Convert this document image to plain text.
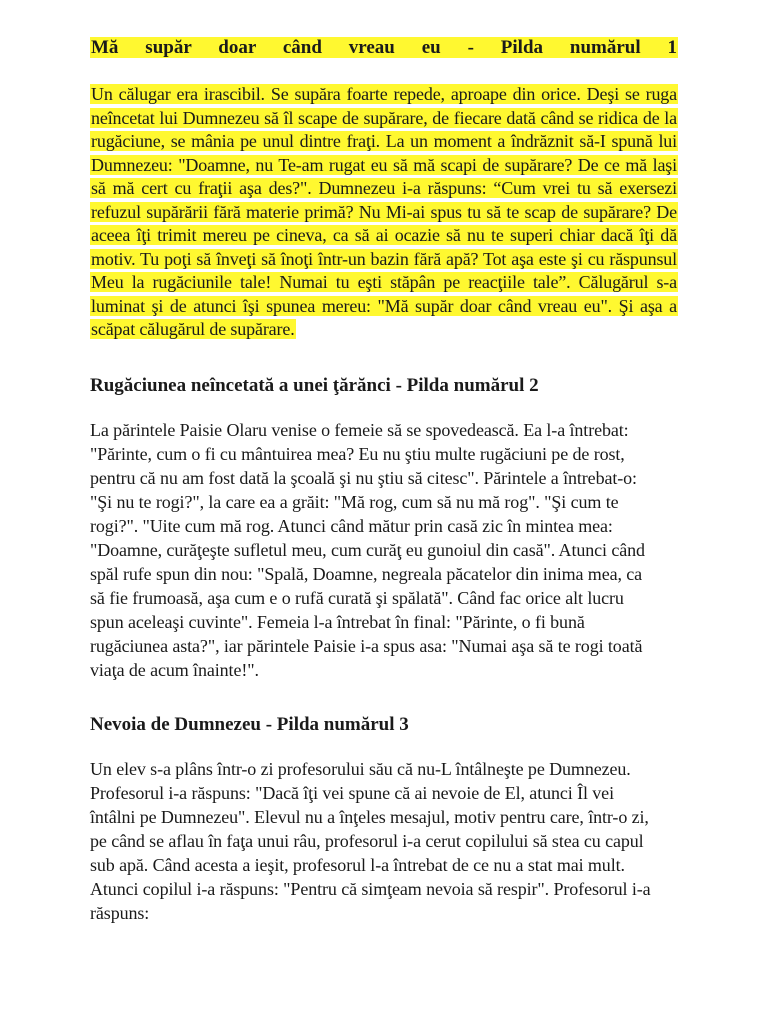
Mă supăr doar când vreau eu - Pilda numărul 1

Un călugar era irascibil. Se supăra foarte repede, aproape din orice. Deşi se ruga neîncetat lui Dumnezeu să îl scape de supărare, de fiecare dată când se ridica de la rugăciune, se mânia pe unul dintre fraţi. La un moment a îndrăznit să-I spună lui Dumnezeu: "Doamne, nu Te-am rugat eu să mă scapi de supărare? De ce mă laşi să mă cert cu fraţii aşa des?". Dumnezeu i-a răspuns: “Cum vrei tu să exersezi refuzul supărării fără materie primă? Nu Mi-ai spus tu să te scap de supărare? De aceea îţi trimit mereu pe cineva, ca să ai ocazie să nu te superi chiar dacă îţi dă motiv. Tu poţi să înveţi să înoţi într-un bazin fără apă? Tot aşa este şi cu răspunsul Meu la rugăciunile tale! Numai tu eşti stăpân pe reacţiile tale”. Călugărul s-a luminat şi de atunci îşi spunea mereu: "Mă supăr doar când vreau eu". Şi aşa a scăpat călugărul de supărare.

Rugăciunea neîncetată a unei ţărănci - Pilda numărul 2

La părintele Paisie Olaru venise o femeie să se spovedească. Ea l-a întrebat: "Părinte, cum o fi cu mântuirea mea? Eu nu ştiu multe rugăciuni pe de rost, pentru că nu am fost dată la şcoală şi nu ştiu să citesc". Părintele a întrebat-o: "Şi nu te rogi?", la care ea a grăit: "Mă rog, cum să nu mă rog". "Şi cum te rogi?". "Uite cum mă rog. Atunci când mătur prin casă zic în mintea mea: "Doamne, curăţeşte sufletul meu, cum curăţ eu gunoiul din casă". Atunci când spăl rufe spun din nou: "Spală, Doamne, negreala păcatelor din inima mea, ca să fie frumoasă, aşa cum e o rufă curată şi spălată". Când fac orice alt lucru spun aceleaşi cuvinte". Femeia l-a întrebat în final: "Părinte, o fi bună rugăciunea asta?", iar părintele Paisie i-a spus asa: "Numai aşa să te rogi toată viaţa de acum înainte!".

Nevoia de Dumnezeu - Pilda numărul 3

Un elev s-a plâns într-o zi profesorului său că nu-L întâlneşte pe Dumnezeu. Profesorul i-a răspuns: "Dacă îţi vei spune că ai nevoie de El, atunci Îl vei întâlni pe Dumnezeu". Elevul nu a înţeles mesajul, motiv pentru care, într-o zi, pe când se aflau în faţa unui râu, profesorul i-a cerut copilului să stea cu capul sub apă. Când acesta a ieşit, profesorul l-a întrebat de ce nu a stat mai mult. Atunci copilul i-a răspuns: "Pentru că simţeam nevoia să respir". Profesorul i-a răspuns:
